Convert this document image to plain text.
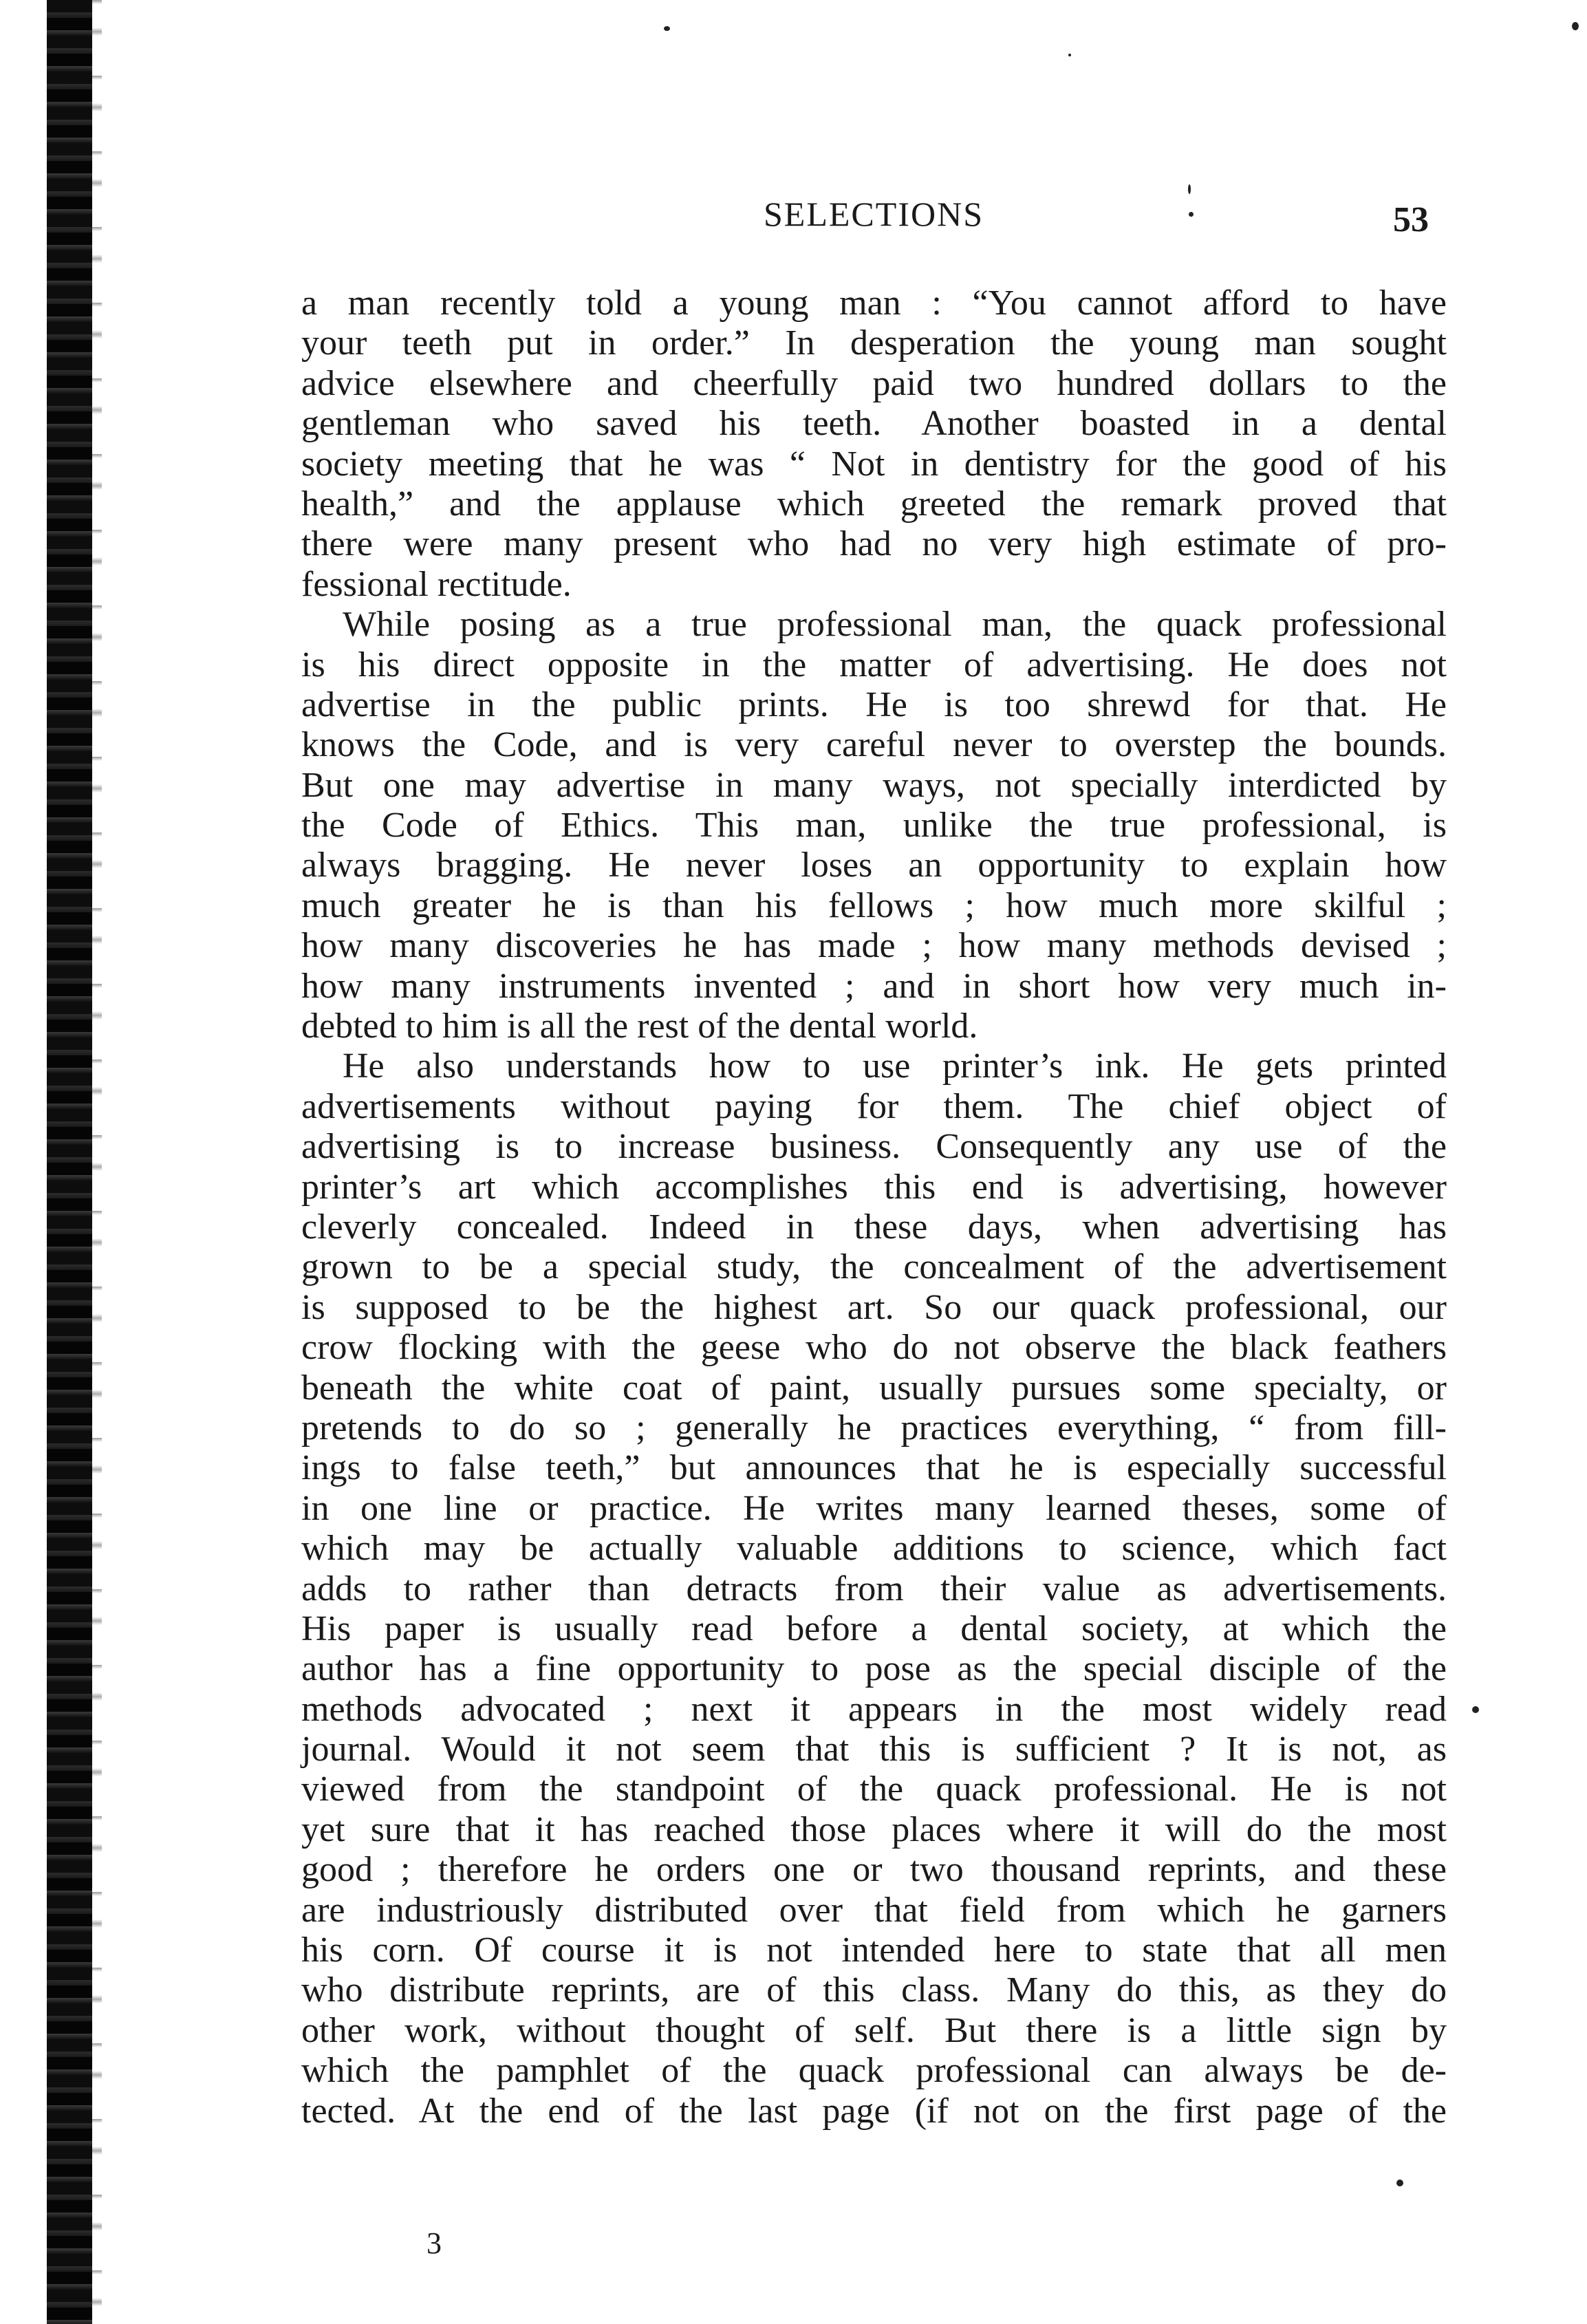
SELECTIONS	53
a man recently told a young man : “You cannot afford to have
your teeth put in order.” In desperation the young man sought
advice elsewhere and cheerfully paid two hundred dollars to the
gentleman who saved his teeth. Another boasted in a dental
society meeting that he was “ Not in dentistry for the good of his
health,” and the applause which greeted the remark proved that
there were many present who had no very high estimate of pro-
fessional rectitude.
While posing as a true professional man, the quack professional
is his direct opposite in the matter of advertising. He does not
advertise in the public prints. He is too shrewd for that. He
knows the Code, and is very careful never to overstep the bounds.
But one may advertise in many ways, not specially interdicted by
the Code of Ethics. This man, unlike the true professional, is
always bragging. He never loses an opportunity to explain how
much greater he is than his fellows ; how much more skilful ;
how many discoveries he has made ; how many methods devised ;
how many instruments invented ; and in short how very much in-
debted to him is all the rest of the dental world.
He also understands how to use printer’s ink. He gets printed
advertisements without paying for them. The chief object of
advertising is to increase business. Consequently any use of the
printer’s art which accomplishes this end is advertising, however
cleverly concealed. Indeed in these days, when advertising has
grown to be a special study, the concealment of the advertisement
is supposed to be the highest art. So our quack professional, our
crow flocking with the geese who do not observe the black feathers
beneath the white coat of paint, usually pursues some specialty, or
pretends to do so ; generally he practices everything, “ from fill-
ings to false teeth,” but announces that he is especially successful
in one line or practice. He writes many learned theses, some of
which may be actually valuable additions to science, which fact
adds to rather than detracts from their value as advertisements.
His paper is usually read before a dental society, at which the
author has a fine opportunity to pose as the special disciple of the
methods advocated ; next it appears in the most widely read
journal. Would it not seem that this is sufficient ? It is not, as
viewed from the standpoint of the quack professional. He is not
yet sure that it has reached those places where it will do the most
good ; therefore he orders one or two thousand reprints, and these
are industriously distributed over that field from which he garners
his corn. Of course it is not intended here to state that all men
who distribute reprints, are of this class. Many do this, as they do
other work, without thought of self. But there is a little sign by
which the pamphlet of the quack professional can always be de-
tected. At the end of the last page (if not on the first page of the
3
